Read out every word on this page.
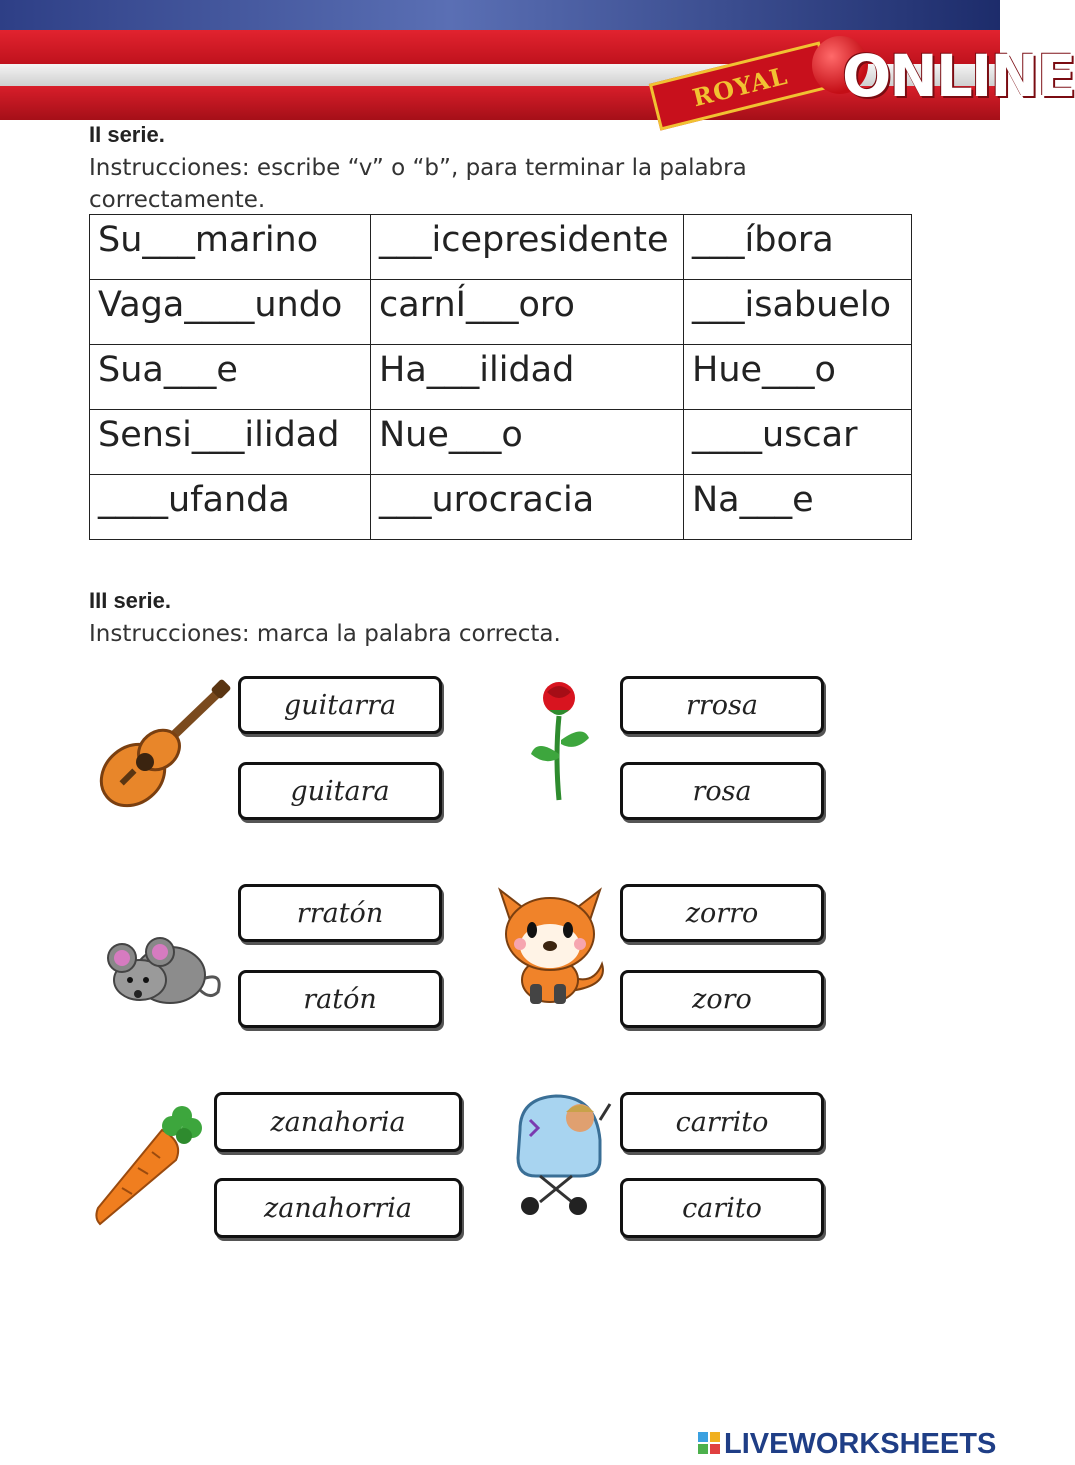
ROYAL ONLINE
II serie.
Instrucciones: escribe “v” o “b”, para terminar la palabra correctamente.
Su___marino	___icepresidente	___íbora
Vaga____undo	carnÍ___oro	___isabuelo
Sua___e	Ha___ilidad	Hue___o
Sensi___ilidad	Nue___o	____uscar
____ufanda	___urocracia	Na___e
III serie.
Instrucciones: marca la palabra correcta.
guitarra
guitara
rrosa
rosa
rratón
ratón
zorro
zoro
zanahoria
zanahorria
carrito
carito
LIVEWORKSHEETS
